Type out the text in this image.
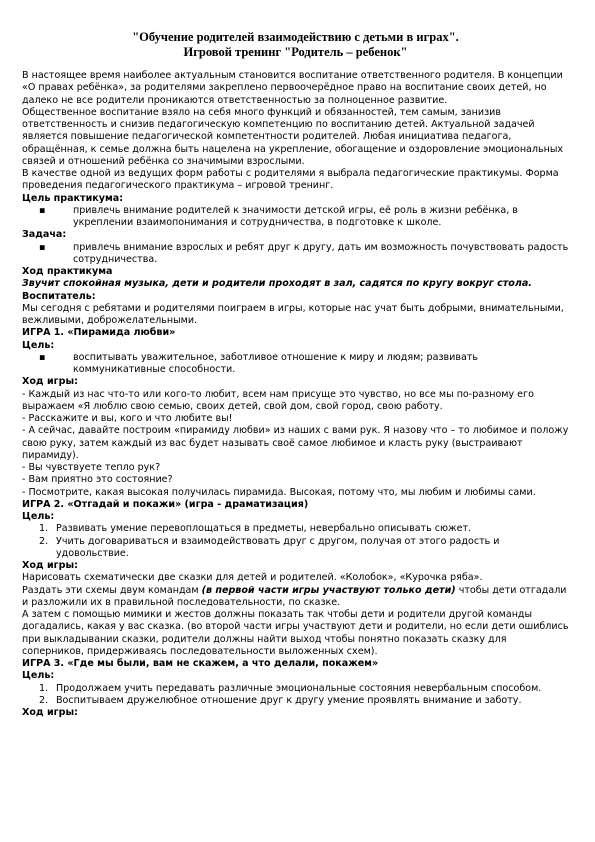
"Обучение родителей взаимодействию с детьми в играх".
Игровой тренинг "Родитель – ребенок"

В настоящее время наиболее актуальным становится воспитание ответственного родителя. В концепции «О правах ребёнка», за родителями закреплено первоочерёдное право на воспитание своих детей, но далеко не все родители проникаются ответственностью за полноценное развитие.

Общественное воспитание взяло на себя много функций и обязанностей, тем самым, занизив ответственность и снизив педагогическую компетенцию по воспитанию детей. Актуальной задачей является повышение педагогической компетентности родителей. Любая инициатива педагога, обращённая, к семье должна быть нацелена на укрепление, обогащение и оздоровление эмоциональных связей и отношений ребёнка со значимыми взрослыми.

В качестве одной из ведущих форм работы с родителями я выбрала педагогические практикумы. Форма проведения педагогического практикума – игровой тренинг.

Цель практикума:

▪	привлечь внимание родителей к значимости детской игры, её роль в жизни ребёнка, в укреплении взаимопонимания и сотрудничества, в подготовке к школе.

Задача:

▪	привлечь внимание взрослых и ребят друг к другу, дать им возможность почувствовать радость сотрудничества.

Ход практикума

Звучит спокойная музыка, дети и родители проходят в зал, садятся по кругу вокруг стола.

Воспитатель:

Мы сегодня с ребятами и родителями поиграем в игры, которые нас учат быть добрыми, внимательными, вежливыми, доброжелательными.

ИГРА 1. «Пирамида любви»

Цель:

▪	воспитывать уважительное, заботливое отношение к миру и людям; развивать коммуникативные способности.

Ход игры:

- Каждый из нас что-то или кого-то любит, всем нам присуще это чувство, но все мы по-разному его выражаем «Я люблю свою семью, своих детей, свой дом, свой город, свою работу.

- Расскажите и вы, кого и что любите вы!

- А сейчас, давайте построим «пирамиду любви» из наших с вами рук. Я назову что – то любимое и положу свою руку, затем каждый из вас будет называть своё самое любимое и класть руку (выстраивают пирамиду).

- Вы чувствуете тепло рук?

- Вам приятно это состояние?

- Посмотрите, какая высокая получилась пирамида. Высокая, потому что, мы любим и любимы сами.

ИГРА 2. «Отгадай и покажи» (игра - драматизация)

Цель:

1. Развивать умение перевоплощаться в предметы, невербально описывать сюжет.
2. Учить договариваться и взаимодействовать друг с другом, получая от этого радость и удовольствие.

Ход игры:

Нарисовать схематически две сказки для детей и родителей. «Колобок», «Курочка ряба».

Раздать эти схемы двум командам (в первой части игры участвуют только дети) чтобы дети отгадали и разложили их в правильной последовательности, по сказке.

А затем с помощью мимики и жестов должны показать так чтобы дети и родители другой команды догадались, какая у вас сказка. (во второй части игры участвуют дети и родители, но если дети ошиблись при выкладывании сказки, родители должны найти выход чтобы понятно показать сказку для соперников, придерживаясь последовательности выложенных схем).

ИГРА 3. «Где мы были, вам не скажем, а что делали, покажем»

Цель:

1. Продолжаем учить передавать различные эмоциональные состояния невербальным способом.
2. Воспитываем дружелюбное отношение друг к другу умение проявлять внимание и заботу.

Ход игры:
